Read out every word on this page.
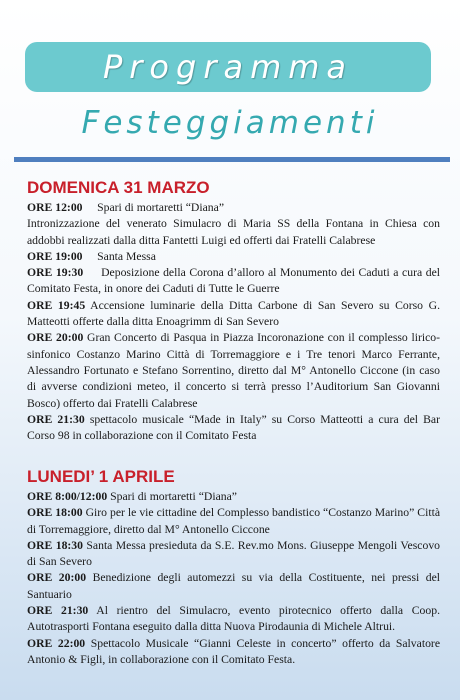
Programma
Festeggiamenti
DOMENICA 31 MARZO

ORE 12:00 Spari di mortaretti “Diana”

Intronizzazione del venerato Simulacro di Maria SS della Fontana in Chiesa con addobbi realizzati dalla ditta Fantetti Luigi ed offerti dai Fratelli Calabrese

ORE 19:00 Santa Messa

ORE 19:30 Deposizione della Corona d’alloro al Monumento dei Caduti a cura del Comitato Festa, in onore dei Caduti di Tutte le Guerre

ORE 19:45 Accensione luminarie della Ditta Carbone di San Severo su Corso G. Matteotti offerte dalla ditta Enoagrimm di San Severo

ORE 20:00 Gran Concerto di Pasqua in Piazza Incoronazione con il complesso lirico-sinfonico Costanzo Marino Città di Torremaggiore e i Tre tenori Marco Ferrante, Alessandro Fortunato e Stefano Sorrentino, diretto dal M° Antonello Ciccone (in caso di avverse condizioni meteo, il concerto si terrà presso l’Auditorium San Giovanni Bosco) offerto dai Fratelli Calabrese

ORE 21:30 spettacolo musicale “Made in Italy” su Corso Matteotti a cura del Bar Corso 98 in collaborazione con il Comitato Festa

LUNEDI’ 1 APRILE

ORE 8:00/12:00 Spari di mortaretti “Diana”

ORE 18:00 Giro per le vie cittadine del Complesso bandistico “Costanzo Marino” Città di Torremaggiore, diretto dal M° Antonello Ciccone

ORE 18:30 Santa Messa presieduta da S.E. Rev.mo Mons. Giuseppe Mengoli Vescovo di San Severo

ORE 20:00 Benedizione degli automezzi su via della Costituente, nei pressi del Santuario

ORE 21:30 Al rientro del Simulacro, evento pirotecnico offerto dalla Coop. Autotrasporti Fontana eseguito dalla ditta Nuova Pirodaunia di Michele Altrui.

ORE 22:00 Spettacolo Musicale “Gianni Celeste in concerto” offerto da Salvatore Antonio & Figli, in collaborazione con il Comitato Festa.
